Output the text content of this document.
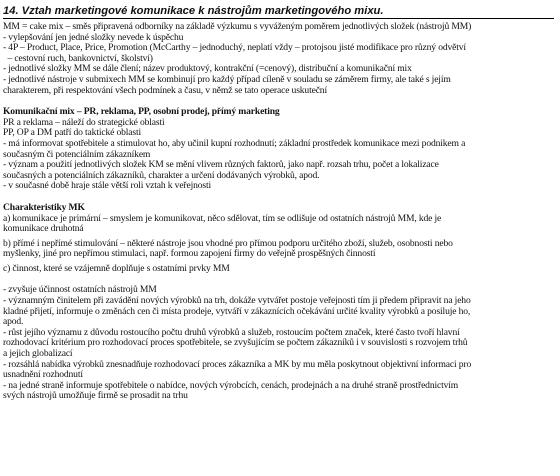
14. Vztah marketingové komunikace k nástrojům marketingového mixu.

MM = cake mix – směs připravená odborníky na základě výzkumu s vyváženým poměrem jednotlivých složek (nástrojů MM)

- vylepšování jen jedné složky nevede k úspěchu

- 4P – Product, Place, Price, Promotion (McCarthy – jednoduchý, neplatí vždy – protojsou jisté modifikace pro různý odvětví

– cestovní ruch, bankovnictví, školství)

- jednotlivé složky MM se dále člení; název produktový, kontrakční (=cenový), distribuční a komunikační mix

- jednotlivé nástroje v submixech MM se kombinují pro každý případ cíleně v souladu se záměrem firmy, ale také s jejím

charakterem, při respektování všech podmínek a času, v němž se tato operace uskuteční

Komunikační mix – PR, reklama, PP, osobní prodej, přímý marketing

PR a reklama – náleží do strategické oblasti

PP, OP a DM patří do taktické oblasti

- má informovat spotřebitele a stimulovat ho, aby učinil kupní rozhodnutí; základní prostředek komunikace mezi podnikem a

současným či potenciálním zákazníkem

- význam a použití jednotlivých složek KM se mění vlivem různých faktorů, jako např. rozsah trhu, počet a lokalizace

současných a potenciálních zákazníků, charakter a určení dodávaných výrobků, apod.

- v současné době hraje stále větší roli vztah k veřejnosti

Charakteristiky MK

a) komunikace je primární – smyslem je komunikovat, něco sdělovat, tím se odlišuje od ostatních nástrojů MM, kde je

komunikace druhotná

b) přímé i nepřímé stimulování – některé nástroje jsou vhodné pro přímou podporu určitého zboží, služeb, osobnosti nebo

myšlenky, jiné pro nepřímou stimulaci, např. formou zapojení firmy do veřejně prospěšných činností

c) činnost, které se vzájemně doplňuje s ostatními prvky MM

- zvyšuje účinnost ostatních nástrojů MM

- významným činitelem při zavádění nových výrobků na trh, dokáže vytvářet postoje veřejnosti tím ji předem připravit na jeho

kladné přijetí, informuje o změnách cen či místa prodeje, vytváří v zákaznících očekávání určité kvality výrobků a posiluje ho,

apod.

- růst jejího významu z důvodu rostoucího počtu druhů výrobků a služeb, rostoucím počtem značek, které často tvoří hlavní

rozhodovací kritérium pro rozhodovací proces spotřebitele, se zvyšujícím se počtem zákazníků i v souvislosti s rozvojem trhů

a jejich globalizací

- rozsáhlá nabídka výrobků znesnadňuje rozhodovací proces zákazníka a MK by mu měla poskytnout objektivní informaci pro

usnadnění rozhodnutí

- na jedné straně informuje spotřebitele o nabídce, nových výrobcích, cenách, prodejnách a na druhé straně prostřednictvím

svých nástrojů umožňuje firmě se prosadit na trhu
